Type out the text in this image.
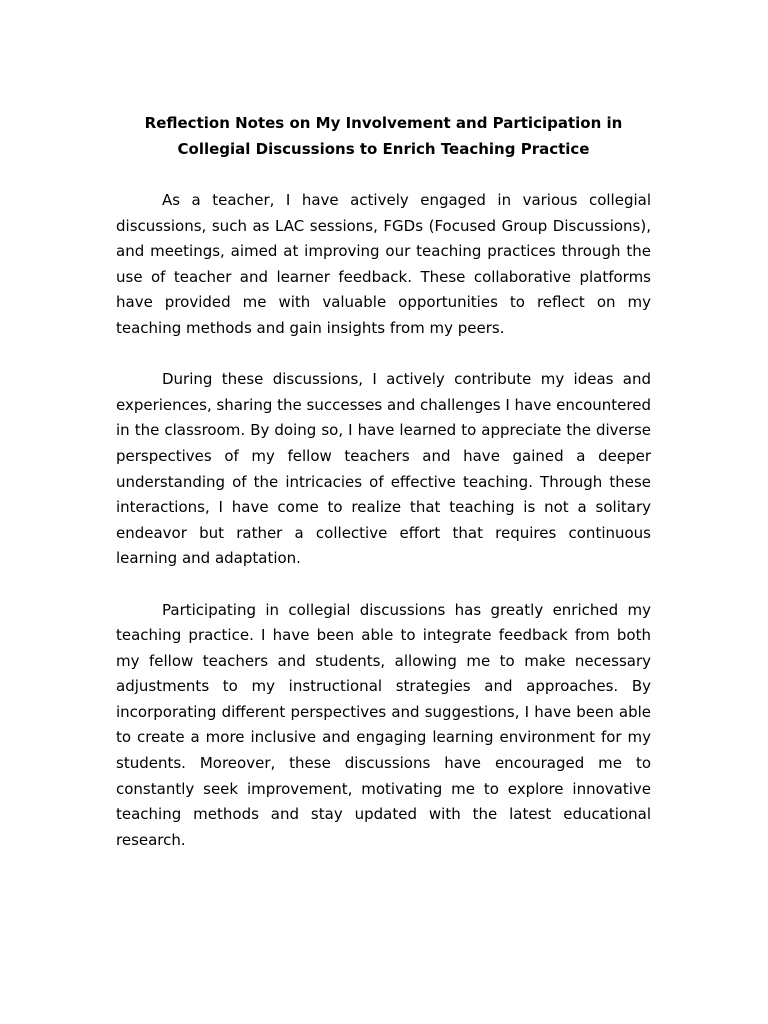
Reflection Notes on My Involvement and Participation in
Collegial Discussions to Enrich Teaching Practice

As a teacher, I have actively engaged in various collegial discussions, such as LAC sessions, FGDs (Focused Group Discussions), and meetings, aimed at improving our teaching practices through the use of teacher and learner feedback. These collaborative platforms have provided me with valuable opportunities to reflect on my teaching methods and gain insights from my peers.

During these discussions, I actively contribute my ideas and experiences, sharing the successes and challenges I have encountered in the classroom. By doing so, I have learned to appreciate the diverse perspectives of my fellow teachers and have gained a deeper understanding of the intricacies of effective teaching. Through these interactions, I have come to realize that teaching is not a solitary endeavor but rather a collective effort that requires continuous learning and adaptation.

Participating in collegial discussions has greatly enriched my teaching practice. I have been able to integrate feedback from both my fellow teachers and students, allowing me to make necessary adjustments to my instructional strategies and approaches. By incorporating different perspectives and suggestions, I have been able to create a more inclusive and engaging learning environment for my students. Moreover, these discussions have encouraged me to constantly seek improvement, motivating me to explore innovative teaching methods and stay updated with the latest educational research.
